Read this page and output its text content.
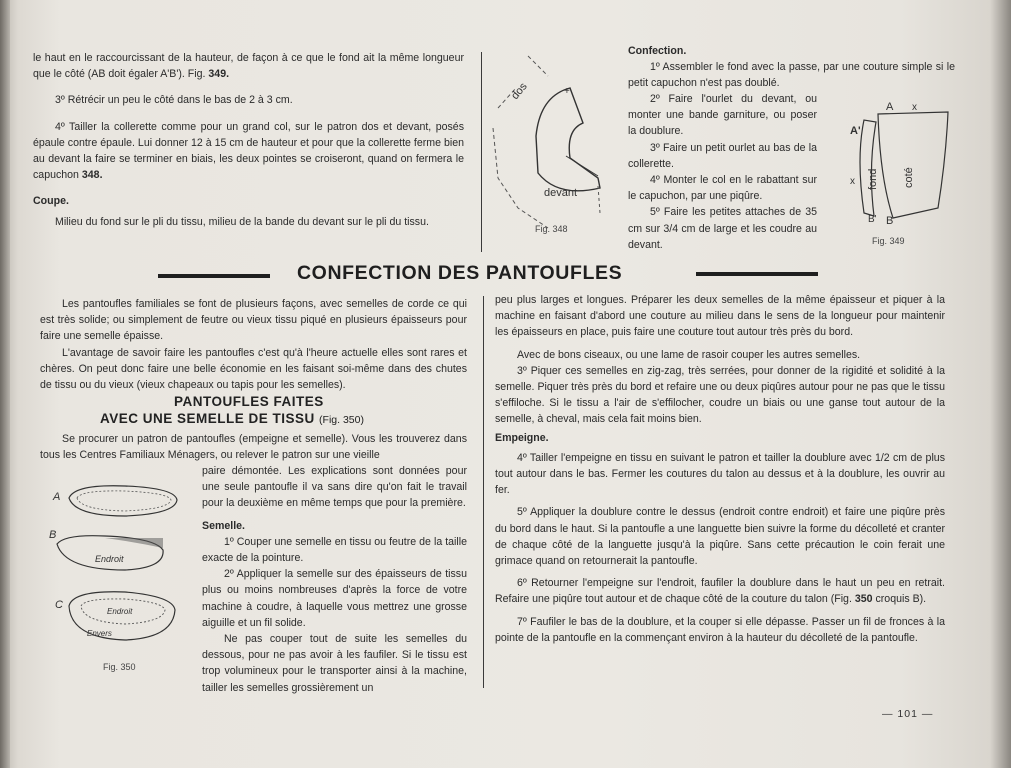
le haut en le raccourcissant de la hauteur, de façon à ce que le fond ait la même longueur que le côté (AB doit égaler A'B'). Fig. 349.

3º Rétrécir un peu le côté dans le bas de 2 à 3 cm.

4º Tailler la collerette comme pour un grand col, sur le patron dos et devant, posés épaule contre épaule. Lui donner 12 à 15 cm de hauteur et pour que la collerette ferme bien au devant la faire se terminer en biais, les deux pointes se croiseront, quand on fermera le capuchon 348.

Coupe.

Milieu du fond sur le pli du tissu, milieu de la bande du devant sur le pli du tissu.

dos
devant
+
Fig. 348

Confection.

1º Assembler le fond avec la passe, par une couture simple si le petit capuchon n'est pas doublé.

2º Faire l'ourlet du devant, ou monter une bande garniture, ou poser la doublure.

3º Faire un petit ourlet au bas de la collerette.

4º Monter le col en le rabattant sur le capuchon, par une piqûre.

5º Faire les petites attaches de 35 cm sur 3/4 cm de large et les coudre au devant.

A x
A'
x
B' B
fond coté
Fig. 349
CONFECTION DES PANTOUFLES

Les pantoufles familiales se font de plusieurs façons, avec semelles de corde ce qui est très solide; ou simplement de feutre ou vieux tissu piqué en plusieurs épaisseurs pour faire une semelle épaisse.

L'avantage de savoir faire les pantoufles c'est qu'à l'heure actuelle elles sont rares et chères. On peut donc faire une belle économie en les faisant soi-même dans des chutes de tissu ou du vieux (vieux chapeaux ou tapis pour les semelles).

PANTOUFLES FAITES
AVEC UNE SEMELLE DE TISSU (Fig. 350)

Se procurer un patron de pantoufles (empeigne et semelle). Vous les trouverez dans tous les Centres Familiaux Ménagers, ou relever le patron sur une vieille

paire démontée. Les explications sont données pour une seule pantoufle il va sans dire qu'on fait le travail pour la deuxième en même temps que pour la première.

Semelle.

1º Couper une semelle en tissu ou feutre de la taille exacte de la pointure.

2º Appliquer la semelle sur des épaisseurs de tissu plus ou moins nombreuses d'après la force de votre machine à coudre, à laquelle vous mettrez une grosse aiguille et un fil solide.

Ne pas couper tout de suite les semelles du dessous, pour ne pas avoir à les faufiler. Si le tissu est trop volumineux pour le transporter ainsi à la machine, tailler les semelles grossièrement un

A
B
Endroit
C
Endroit
Envers
Fig. 350

peu plus larges et longues. Préparer les deux semelles de la même épaisseur et piquer à la machine en faisant d'abord une couture au milieu dans le sens de la longueur pour maintenir les épaisseurs en place, puis faire une couture tout autour très près du bord.

Avec de bons ciseaux, ou une lame de rasoir couper les autres semelles.

3º Piquer ces semelles en zig-zag, très serrées, pour donner de la rigidité et solidité à la semelle. Piquer très près du bord et refaire une ou deux piqûres autour pour ne pas que le tissu s'effiloche. Si le tissu a l'air de s'effilocher, coudre un biais ou une ganse tout autour de la semelle, à cheval, mais cela fait moins bien.

Empeigne.

4º Tailler l'empeigne en tissu en suivant le patron et tailler la doublure avec 1/2 cm de plus tout autour dans le bas. Fermer les coutures du talon au dessus et à la doublure, les ouvrir au fer.

5º Appliquer la doublure contre le dessus (endroit contre endroit) et faire une piqûre près du bord dans le haut. Si la pantoufle a une languette bien suivre la forme du décolleté et cranter de chaque côté de la languette jusqu'à la piqûre. Sans cette précaution le coin ferait une grimace quand on retournerait la pantoufle.

6º Retourner l'empeigne sur l'endroit, faufiler la doublure dans le haut un peu en retrait. Refaire une piqûre tout autour et de chaque côté de la couture du talon (Fig. 350 croquis B).

7º Faufiler le bas de la doublure, et la couper si elle dépasse. Passer un fil de fronces à la pointe de la pantoufle en la commençant environ à la hauteur du décolleté de la pantoufle.

— 101 —
